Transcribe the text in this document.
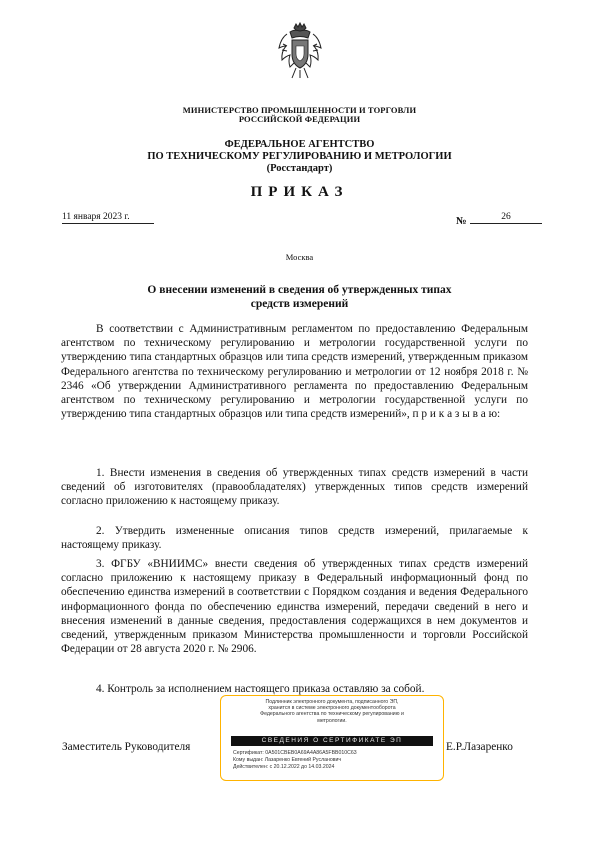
МИНИСТЕРСТВО ПРОМЫШЛЕННОСТИ И ТОРГОВЛИ
РОССИЙСКОЙ ФЕДЕРАЦИИ
ФЕДЕРАЛЬНОЕ АГЕНТСТВО
ПО ТЕХНИЧЕСКОМУ РЕГУЛИРОВАНИЮ И МЕТРОЛОГИИ
(Росстандарт)
ПРИКАЗ
11 января 2023 г.	№	26
Москва
О внесении изменений в сведения об утвержденных типах
средств измерений

В соответствии с Административным регламентом по предоставлению Федеральным агентством по техническому регулированию и метрологии государственной услуги по утверждению типа стандартных образцов или типа средств измерений, утвержденным приказом Федерального агентства по техническому регулированию и метрологии от 12 ноября 2018 г. № 2346 «Об утверждении Административного регламента по предоставлению Федеральным агентством по техническому регулированию и метрологии государственной услуги по утверждению типа стандартных образцов или типа средств измерений», п р и к а з ы в а ю:

1. Внести изменения в сведения об утвержденных типах средств измерений в части сведений об изготовителях (правообладателях) утвержденных типов средств измерений согласно приложению к настоящему приказу.

2. Утвердить измененные описания типов средств измерений, прилагаемые к настоящему приказу.

3. ФГБУ «ВНИИМС» внести сведения об утвержденных типах средств измерений согласно приложению к настоящему приказу в Федеральный информационный фонд по обеспечению единства измерений в соответствии с Порядком создания и ведения Федерального информационного фонда по обеспечению единства измерений, передачи сведений в него и внесения изменений в данные сведения, предоставления содержащихся в нем документов и сведений, утвержденным приказом Министерства промышленности и торговли Российской Федерации от 28 августа 2020 г. № 2906.

4. Контроль за исполнением настоящего приказа оставляю за собой.

Заместитель Руководителя	Е.Р.Лазаренко
Подлинник электронного документа, подписанного ЭП,
хранится в системе электронного документооборота
Федерального агентства по техническому регулированию и
метрологии.
СВЕДЕНИЯ О СЕРТИФИКАТЕ ЭП
Сертификат: 0A501CBEB0A69A4A86A5FBB010C63
Кому выдан: Лазаренко Евгений Русланович
Действителен: с 20.12.2022 до 14.03.2024
